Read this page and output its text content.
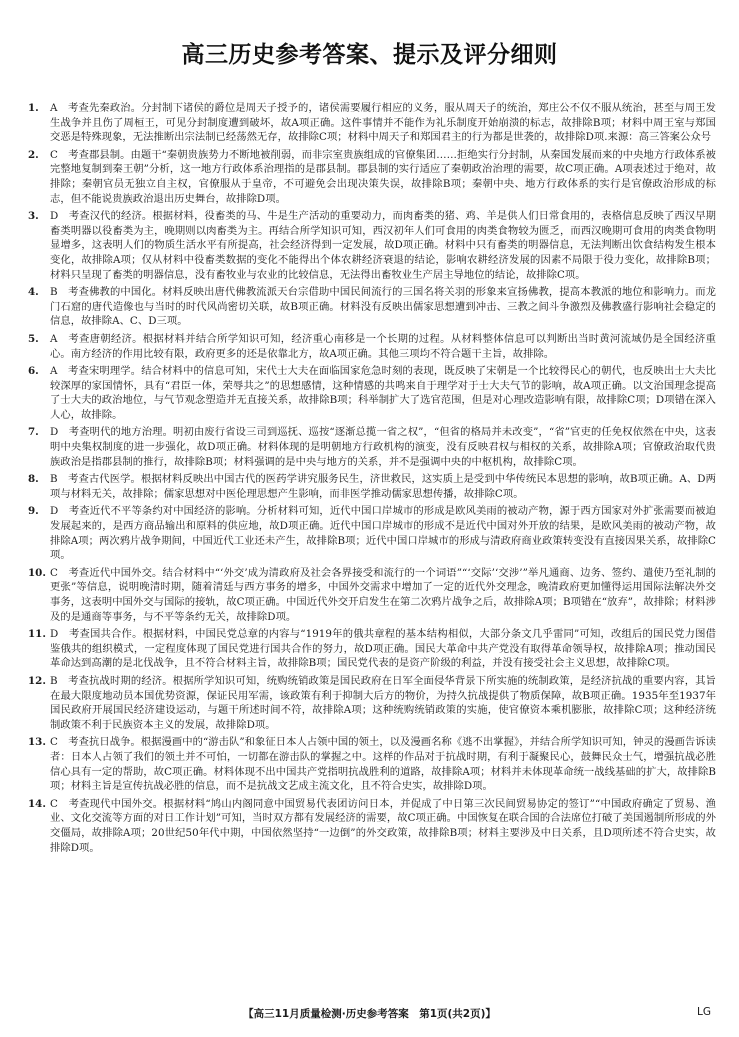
高三历史参考答案、提示及评分细则
1.	A　考查先秦政治。分封制下诸侯的爵位是周天子授予的，诸侯需要履行相应的义务，服从周天子的统治，郑庄公不仅不服从统治，甚至与周王发生战争并且伤了周桓王，可见分封制度遭到破坏，故A项正确。这件事情并不能作为礼乐制度开始崩溃的标志，故排除B项；材料中周王室与郑国交恶是特殊现象，无法推断出宗法制已经荡然无存，故排除C项；材料中周天子和郑国君主的行为都是世袭的，故排除D项.来源：高三答案公众号

2.	C　考查郡县制。由题干“秦朝贵族势力不断地被削弱，而非宗室贵族组成的官僚集团……拒绝实行分封制，从秦国发展而来的中央地方行政体系被完整地复制到秦王朝”分析，这一地方行政体系治理指的是郡县制。郡县制的实行适应了秦朝政治治理的需要，故C项正确。A项表述过于绝对，故排除；秦朝官员无独立自主权，官僚服从于皇帝，不可避免会出现决策失误，故排除B项；秦朝中央、地方行政体系的实行是官僚政治形成的标志，但不能说贵族政治退出历史舞台，故排除D项。

3.	D　考查汉代的经济。根据材料，役畜类的马、牛是生产活动的重要动力，而肉畜类的猪、鸡、羊是供人们日常食用的，表格信息反映了西汉早期畜类明器以役畜类为主，晚期则以肉畜类为主。再结合所学知识可知，西汉初年人们可食用的肉类食物较为匮乏，而西汉晚期可食用的肉类食物明显增多，这表明人们的物质生活水平有所提高，社会经济得到一定发展，故D项正确。材料中只有畜类的明器信息，无法判断出饮食结构发生根本变化，故排除A项；仅从材料中役畜类数据的变化不能得出个体农耕经济衰退的结论，影响农耕经济发展的因素不局限于役力变化，故排除B项；材料只呈现了畜类的明器信息，没有畜牧业与农业的比较信息，无法得出畜牧业生产居主导地位的结论，故排除C项。

4.	B　考查佛教的中国化。材料反映出唐代佛教流派天台宗借助中国民间流行的三国名将关羽的形象来宣扬佛教，提高本教派的地位和影响力。而龙门石窟的唐代造像也与当时的时代风尚密切关联，故B项正确。材料没有反映出儒家思想遭到冲击、三教之间斗争激烈及佛教盛行影响社会稳定的信息，故排除A、C、D三项。

5.	A　考查唐朝经济。根据材料并结合所学知识可知，经济重心南移是一个长期的过程。从材料整体信息可以判断出当时黄河流域仍是全国经济重心。南方经济的作用比较有限，政府更多的还是依靠北方，故A项正确。其他三项均不符合题干主旨，故排除。

6.	A　考查宋明理学。结合材料中的信息可知，宋代士大夫在面临国家危急时刻的表现，既反映了宋朝是一个比较得民心的朝代，也反映出士大夫比较深厚的家国情怀，具有“君臣一体，荣辱共之”的思想感情，这种情感的共鸣来自于理学对于士大夫气节的影响，故A项正确。以文治国理念提高了士大夫的政治地位，与气节观念塑造并无直接关系，故排除B项；科举制扩大了选官范围，但是对心理改造影响有限，故排除C项；D项错在深入人心，故排除。

7.	D　考查明代的地方治理。明初由废行省设三司到巡抚、巡按“逐渐总揽一省之权”，“但省的格局并未改变”，“省”官吏的任免权依然在中央，这表明中央集权制度的进一步强化，故D项正确。材料体现的是明朝地方行政机构的演变，没有反映君权与相权的关系，故排除A项；官僚政治取代贵族政治是指郡县制的推行，故排除B项；材料强调的是中央与地方的关系，并不是强调中央的中枢机构，故排除C项。

8.	B　考查古代医学。根据材料反映出中国古代的医药学讲究服务民生，济世救民，这实质上是受到中华传统民本思想的影响，故B项正确。A、D两项与材料无关，故排除；儒家思想对中医伦理思想产生影响，而非医学推动儒家思想传播，故排除C项。

9.	D　考查近代不平等条约对中国经济的影响。分析材料可知，近代中国口岸城市的形成是欧风美雨的被动产物，源于西方国家对外扩张需要而被迫发展起来的，是西方商品输出和原料的供应地，故D项正确。近代中国口岸城市的形成不是近代中国对外开放的结果，是欧风美雨的被动产物，故排除A项；两次鸦片战争期间，中国近代工业还未产生，故排除B项；近代中国口岸城市的形成与清政府商业政策转变没有直接因果关系，故排除C项。

10. C　考查近代中国外交。结合材料中“‘外交’成为清政府及社会各界接受和流行的一个词语”“‘交际’‘交涉’”举凡通商、边务、签约、遣使乃至礼制的更张”等信息，说明晚清时期，随着清廷与西方事务的增多，中国外交需求中增加了一定的近代外交理念，晚清政府更加懂得运用国际法解决外交事务，这表明中国外交与国际的接轨，故C项正确。中国近代外交开启发生在第二次鸦片战争之后，故排除A项；B项错在“放弃”，故排除；材料涉及的是通商等事务，与不平等条约无关，故排除D项。

11. D　考查国共合作。根据材料，中国民党总章的内容与“1919年的俄共章程的基本结构相似，大部分条文几乎雷同”可知，改组后的国民党力图借鉴俄共的组织模式，一定程度体现了国民党进行国共合作的努力，故D项正确。国民大革命中共产党没有取得革命领导权，故排除A项；推动国民革命达到高潮的是北伐战争，且不符合材料主旨，故排除B项；国民党代表的是资产阶级的利益，并没有接受社会主义思想，故排除C项。

12. B　考查抗战时期的经济。根据所学知识可知，统购统销政策是国民政府在日军全面侵华背景下所实施的统制政策，是经济抗战的重要内容，其旨在最大限度地动员本国优势资源，保证民用军需，该政策有利于抑制大后方的物价，为持久抗战提供了物质保障，故B项正确。1935年至1937年国民政府开展国民经济建设运动，与题干所述时间不符，故排除A项；这种统购统销政策的实施，使官僚资本乘机膨胀，故排除C项；这种经济统制政策不利于民族资本主义的发展，故排除D项。

13. C　考查抗日战争。根据漫画中的“游击队”和象征日本人占领中国的领土，以及漫画名称《逃不出掌握》，并结合所学知识可知，钟灵的漫画告诉读者：日本人占领了我们的领土并不可怕，一切都在游击队的掌握之中。这样的作品对于抗战时期，有利于凝聚民心，鼓舞民众士气，增强抗战必胜信心具有一定的帮助，故C项正确。材料体现不出中国共产党指明抗战胜利的道路，故排除A项；材料并未体现革命统一战线基础的扩大，故排除B项；材料主旨是宣传抗战必胜的信息，而不是抗战文艺成主流文化，且不符合史实，故排除D项。

14. C　考查现代中国外交。根据材料“鸠山内阁同意中国贸易代表团访问日本，并促成了中日第三次民间贸易协定的签订”“中国政府确定了贸易、渔业、文化交流等方面的对日工作计划”可知，当时双方都有发展经济的需要，故C项正确。中国恢复在联合国的合法席位打破了美国遏制所形成的外交僵局，故排除A项；20世纪50年代中期，中国依然坚持“一边倒”的外交政策，故排除B项；材料主要涉及中日关系，且D项所述不符合史实，故排除D项。

【高三11月质量检测·历史参考答案　第1页(共2页)】	LG
